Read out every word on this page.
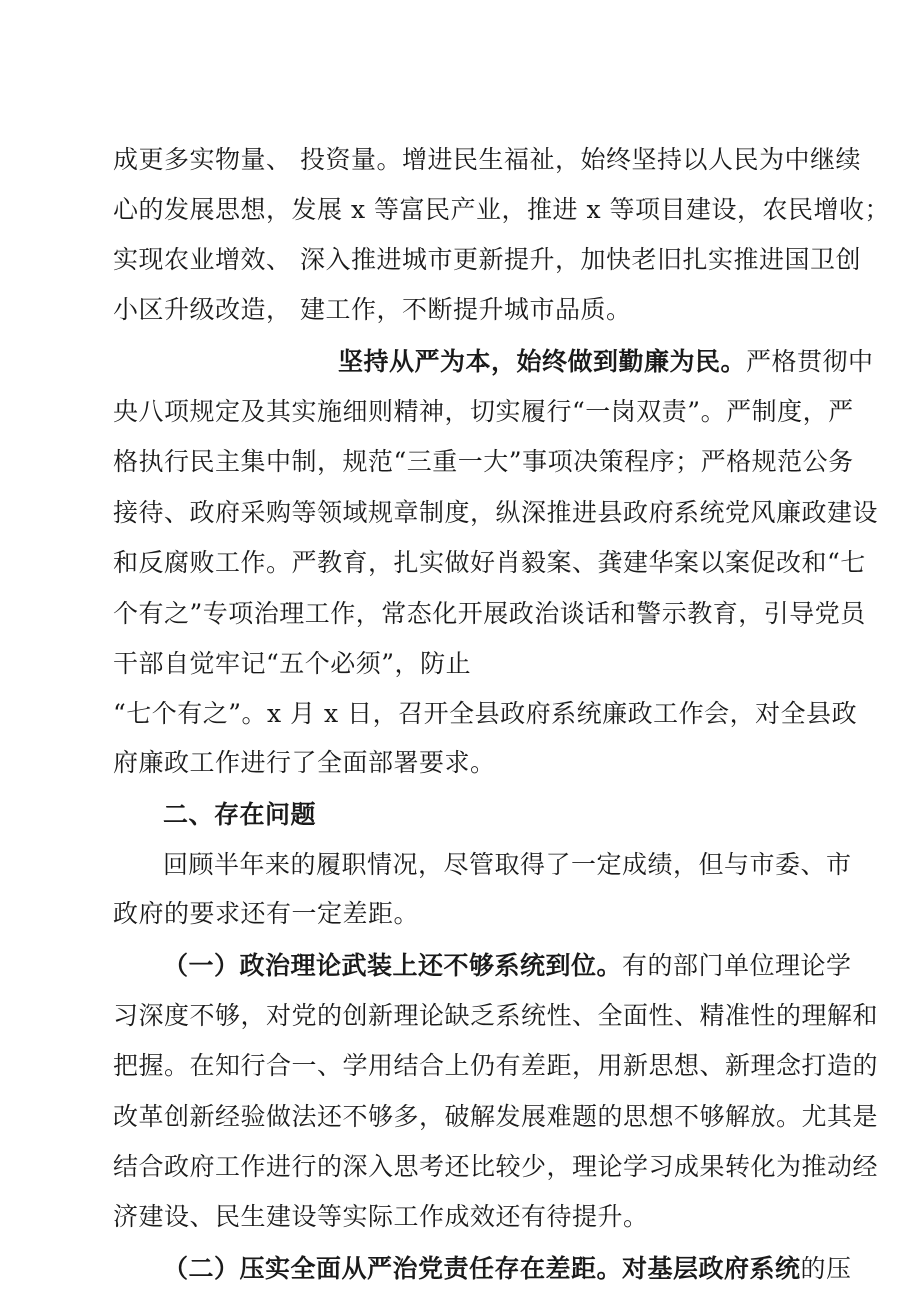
成更多实物量、 投资量。增进民生福祉，始终坚持以人民为中继续
心的发展思想，发展 x 等富民产业，推进 x 等项目建设，农民增收；
实现农业增效、 深入推进城市更新提升，加快老旧扎实推进国卫创
小区升级改造， 建工作，不断提升城市品质。
坚持从严为本，始终做到勤廉为民。严格贯彻中
央八项规定及其实施细则精神，切实履行“一岗双责”。严制度，严
格执行民主集中制，规范“三重一大”事项决策程序；严格规范公务
接待、政府采购等领域规章制度，纵深推进县政府系统党风廉政建设
和反腐败工作。严教育，扎实做好肖毅案、龚建华案以案促改和“七
个有之”专项治理工作，常态化开展政治谈话和警示教育，引导党员
干部自觉牢记“五个必须”，防止
“七个有之”。x 月 x 日，召开全县政府系统廉政工作会，对全县政
府廉政工作进行了全面部署要求。
二、存在问题
回顾半年来的履职情况，尽管取得了一定成绩，但与市委、市
政府的要求还有一定差距。
（一）政治理论武装上还不够系统到位。有的部门单位理论学
习深度不够，对党的创新理论缺乏系统性、全面性、精准性的理解和
把握。在知行合一、学用结合上仍有差距，用新思想、新理念打造的
改革创新经验做法还不够多，破解发展难题的思想不够解放。尤其是
结合政府工作进行的深入思考还比较少，理论学习成果转化为推动经
济建设、民生建设等实际工作成效还有待提升。
（二）压实全面从严治党责任存在差距。对基层政府系统的压
